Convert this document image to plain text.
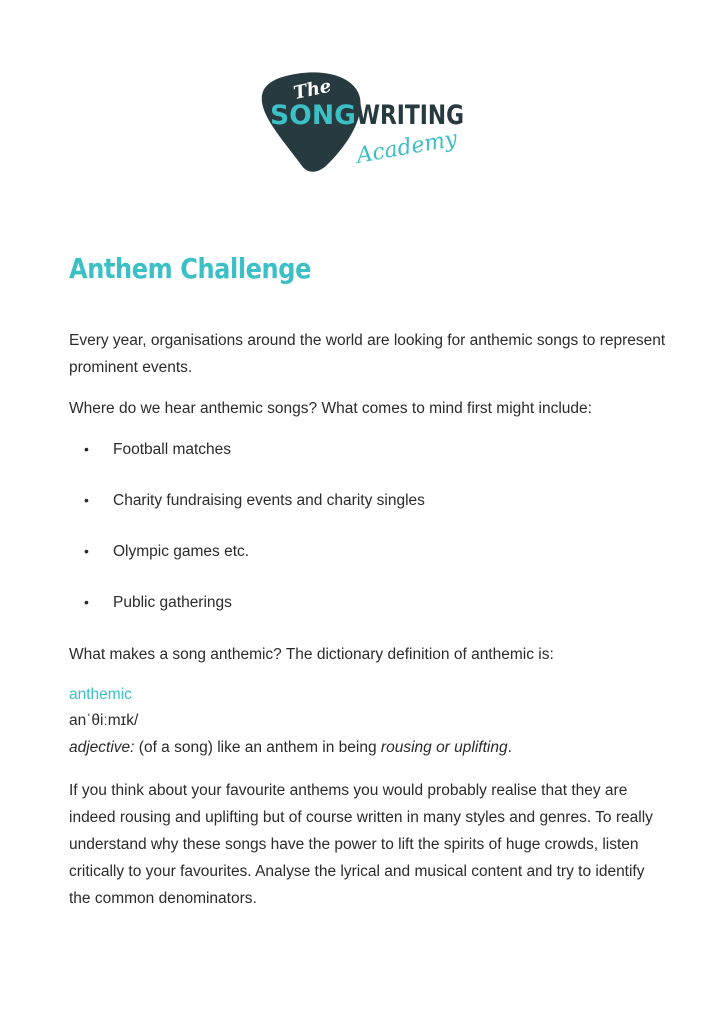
The
SONG WRITING
Academy
Anthem Challenge

Every year, organisations around the world are looking for anthemic songs to represent prominent events.

Where do we hear anthemic songs? What comes to mind first might include:

• Football matches
• Charity fundraising events and charity singles
• Olympic games etc.
• Public gatherings

What makes a song anthemic? The dictionary definition of anthemic is:

anthemic
anˈθiːmɪk/
adjective: (of a song) like an anthem in being rousing or uplifting.

If you think about your favourite anthems you would probably realise that they are indeed rousing and uplifting but of course written in many styles and genres. To really understand why these songs have the power to lift the spirits of huge crowds, listen critically to your favourites. Analyse the lyrical and musical content and try to identify the common denominators.
